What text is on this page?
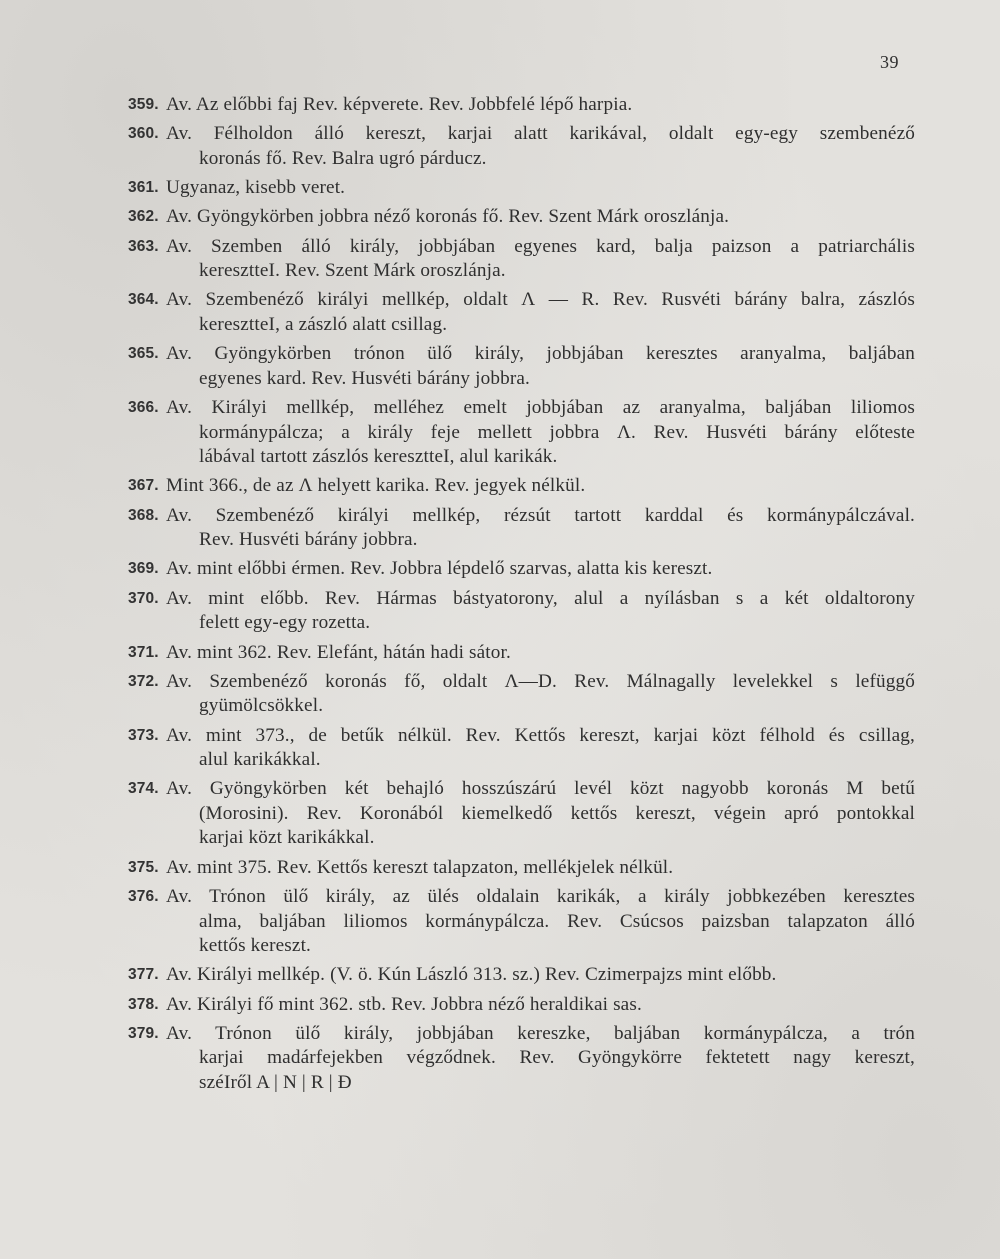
39
359. Av. Az előbbi faj Rev. képverete. Rev. Jobbfelé lépő harpia.
360. Av. Félholdon álló kereszt, karjai alatt karikával, oldalt egy-egy szembenéző
koronás fő. Rev. Balra ugró párducz.
361. Ugyanaz, kisebb veret.
362. Av. Gyöngykörben jobbra néző koronás fő. Rev. Szent Márk oroszlánja.
363. Av. Szemben álló király, jobbjában egyenes kard, balja paizson a patriarchális
keresztteI. Rev. Szent Márk oroszlánja.
364. Av. Szembenéző királyi mellkép, oldalt Ʌ — R. Rev. Rusvéti bárány balra, zászlós
keresztteI, a zászló alatt csillag.
365. Av. Gyöngykörben trónon ülő király, jobbjában keresztes aranyalma, baljában
egyenes kard. Rev. Husvéti bárány jobbra.
366. Av. Királyi mellkép, melléhez emelt jobbjában az aranyalma, baljában liliomos
kormánypálcza; a király feje mellett jobbra Ʌ. Rev. Husvéti bárány előteste
lábával tartott zászlós keresztteI, alul karikák.
367. Mint 366., de az Ʌ helyett karika. Rev. jegyek nélkül.
368. Av. Szembenéző királyi mellkép, rézsút tartott karddal és kormánypálczával.
Rev. Husvéti bárány jobbra.
369. Av. mint előbbi érmen. Rev. Jobbra lépdelő szarvas, alatta kis kereszt.
370. Av. mint előbb. Rev. Hármas bástyatorony, alul a nyílásban s a két oldaltorony
felett egy-egy rozetta.
371. Av. mint 362. Rev. Elefánt, hátán hadi sátor.
372. Av. Szembenéző koronás fő, oldalt Ʌ—D. Rev. Málnagally levelekkel s lefüggő
gyümölcsökkel.
373. Av. mint 373., de betűk nélkül. Rev. Kettős kereszt, karjai közt félhold és csillag,
alul karikákkal.
374. Av. Gyöngykörben két behajló hosszúszárú levél közt nagyobb koronás M betű
(Morosini). Rev. Koronából kiemelkedő kettős kereszt, végein apró pontokkal
karjai közt karikákkal.
375. Av. mint 375. Rev. Kettős kereszt talapzaton, mellékjelek nélkül.
376. Av. Trónon ülő király, az ülés oldalain karikák, a király jobbkezében keresztes
alma, baljában liliomos kormánypálcza. Rev. Csúcsos paizsban talapzaton álló
kettős kereszt.
377. Av. Királyi mellkép. (V. ö. Kún László 313. sz.) Rev. Czimerpajzs mint előbb.
378. Av. Királyi fő mint 362. stb. Rev. Jobbra néző heraldikai sas.
379. Av. Trónon ülő király, jobbjában kereszke, baljában kormánypálcza, a trón
karjai madárfejekben végződnek. Rev. Gyöngykörre fektetett nagy kereszt,
széIről A | N | R | Ð
